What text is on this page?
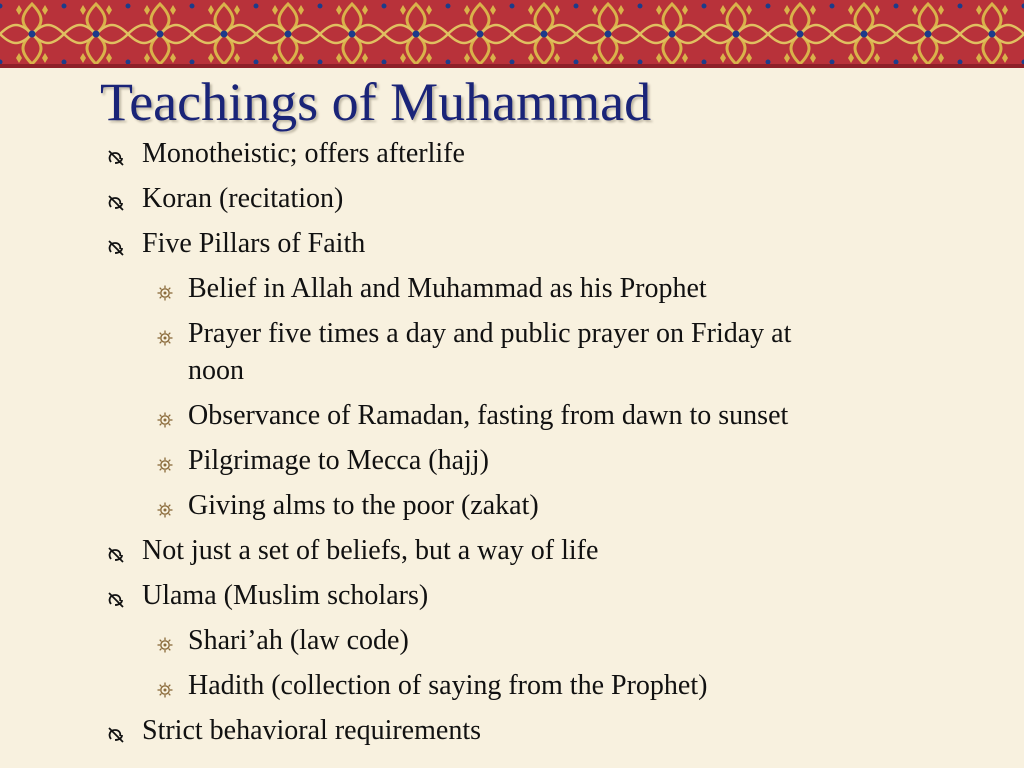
Teachings of Muhammad
Monotheistic; offers afterlife
Koran (recitation)
Five Pillars of Faith
Belief in Allah and Muhammad as his Prophet
Prayer five times a day and public prayer on Friday at
noon
Observance of Ramadan, fasting from dawn to sunset
Pilgrimage to Mecca (hajj)
Giving alms to the poor (zakat)
Not just a set of beliefs, but a way of life
Ulama (Muslim scholars)
Shari’ah (law code)
Hadith (collection of saying from the Prophet)
Strict behavioral requirements
